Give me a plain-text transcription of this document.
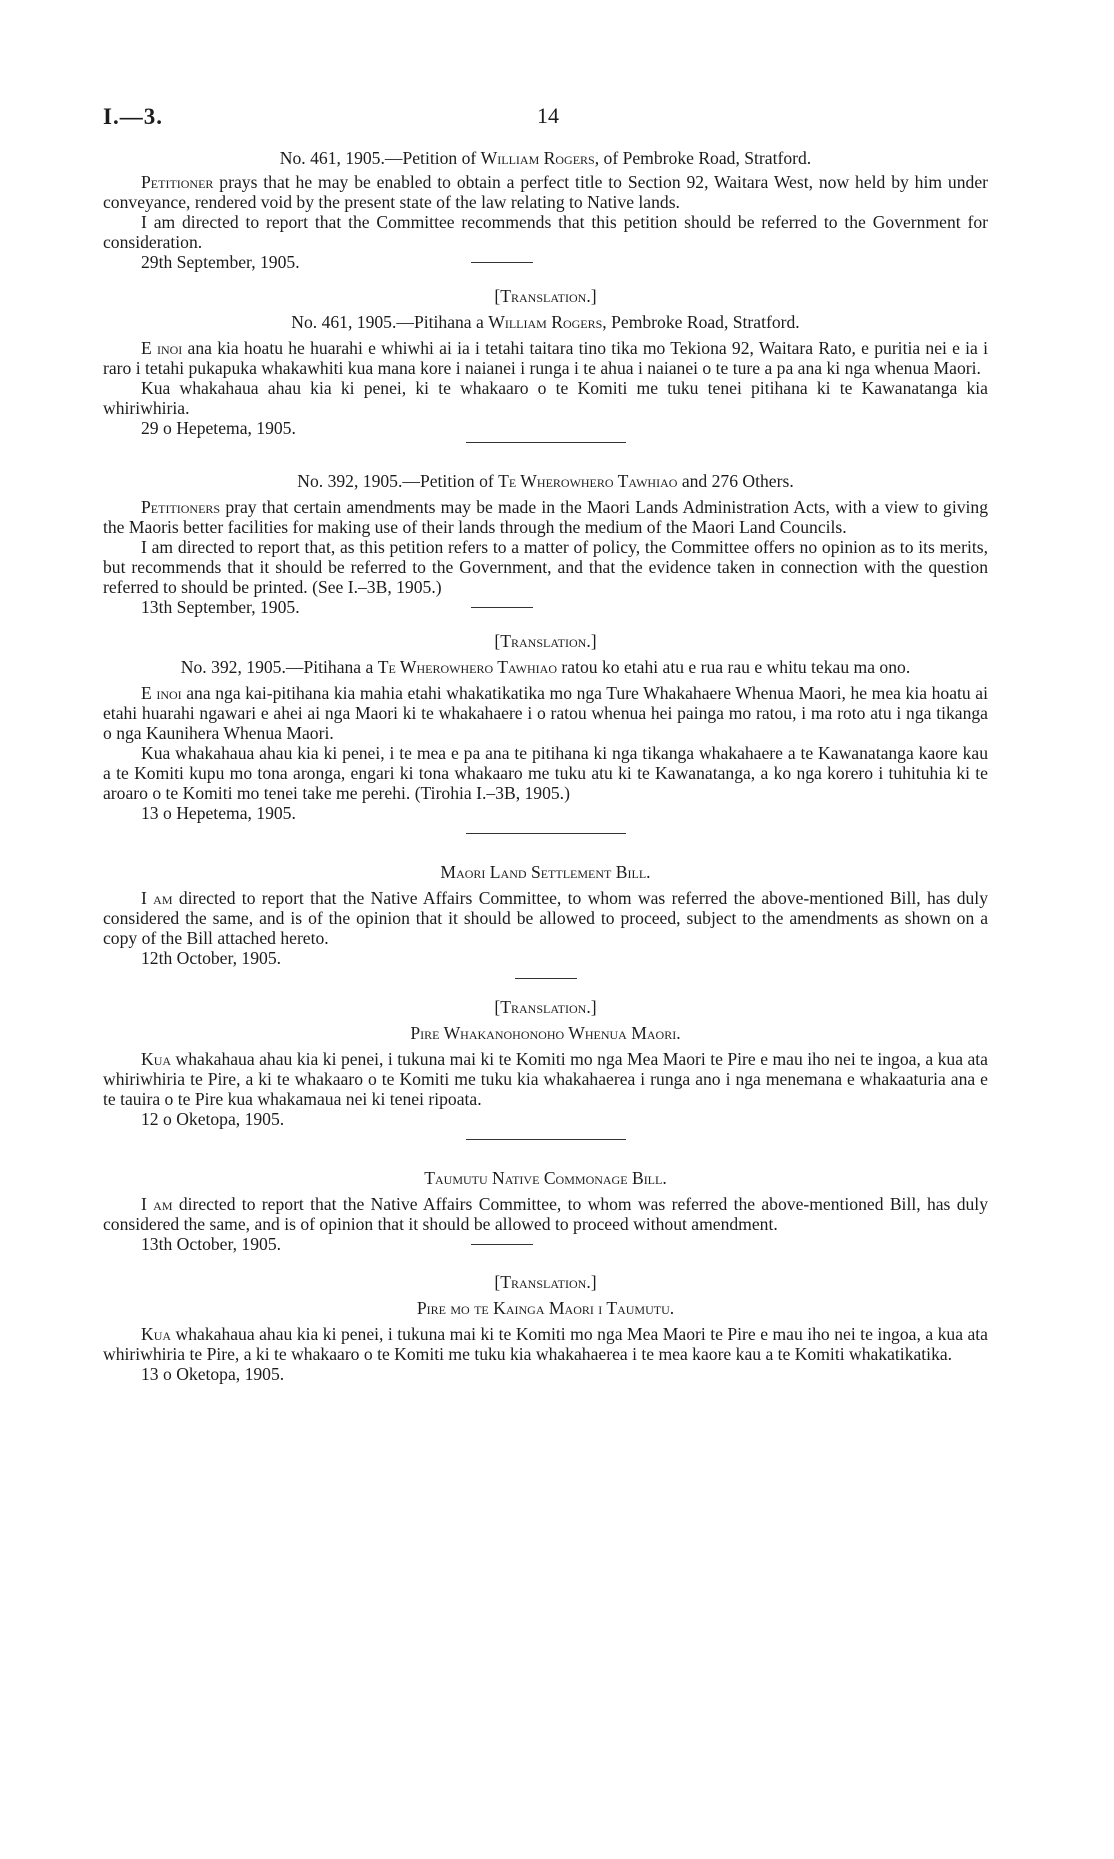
I.—3.	14

No. 461, 1905.—Petition of William Rogers, of Pembroke Road, Stratford.

Petitioner prays that he may be enabled to obtain a perfect title to Section 92, Waitara West, now held by him under conveyance, rendered void by the present state of the law relating to Native lands.

I am directed to report that the Committee recommends that this petition should be referred to the Government for consideration.

29th September, 1905.

[Translation.]

No. 461, 1905.—Pitihana a William Rogers, Pembroke Road, Stratford.

E inoi ana kia hoatu he huarahi e whiwhi ai ia i tetahi taitara tino tika mo Tekiona 92, Waitara Rato, e puritia nei e ia i raro i tetahi pukapuka whakawhiti kua mana kore i naianei i runga i te ahua i naianei o te ture a pa ana ki nga whenua Maori.

Kua whakahaua ahau kia ki penei, ki te whakaaro o te Komiti me tuku tenei pitihana ki te Kawanatanga kia whiriwhiria.

29 o Hepetema, 1905.

No. 392, 1905.—Petition of Te Wherowhero Tawhiao and 276 Others.

Petitioners pray that certain amendments may be made in the Maori Lands Administration Acts, with a view to giving the Maoris better facilities for making use of their lands through the medium of the Maori Land Councils.

I am directed to report that, as this petition refers to a matter of policy, the Committee offers no opinion as to its merits, but recommends that it should be referred to the Government, and that the evidence taken in connection with the question referred to should be printed. (See I.–3B, 1905.)

13th September, 1905.

[Translation.]

No. 392, 1905.—Pitihana a Te Wherowhero Tawhiao ratou ko etahi atu e rua rau e whitu tekau ma ono.

E inoi ana nga kai-pitihana kia mahia etahi whakatikatika mo nga Ture Whakahaere Whenua Maori, he mea kia hoatu ai etahi huarahi ngawari e ahei ai nga Maori ki te whakahaere i o ratou whenua hei painga mo ratou, i ma roto atu i nga tikanga o nga Kaunihera Whenua Maori.

Kua whakahaua ahau kia ki penei, i te mea e pa ana te pitihana ki nga tikanga whakahaere a te Kawanatanga kaore kau a te Komiti kupu mo tona aronga, engari ki tona whakaaro me tuku atu ki te Kawanatanga, a ko nga korero i tuhituhia ki te aroaro o te Komiti mo tenei take me perehi. (Tirohia I.–3B, 1905.)

13 o Hepetema, 1905.

Maori Land Settlement Bill.

I am directed to report that the Native Affairs Committee, to whom was referred the above-mentioned Bill, has duly considered the same, and is of the opinion that it should be allowed to proceed, subject to the amendments as shown on a copy of the Bill attached hereto.

12th October, 1905.

[Translation.]

Pire Whakanohonoho Whenua Maori.

Kua whakahaua ahau kia ki penei, i tukuna mai ki te Komiti mo nga Mea Maori te Pire e mau iho nei te ingoa, a kua ata whiriwhiria te Pire, a ki te whakaaro o te Komiti me tuku kia whakahaerea i runga ano i nga menemana e whakaaturia ana e te tauira o te Pire kua whakamaua nei ki tenei ripoata.

12 o Oketopa, 1905.

Taumutu Native Commonage Bill.

I am directed to report that the Native Affairs Committee, to whom was referred the above-mentioned Bill, has duly considered the same, and is of opinion that it should be allowed to proceed without amendment.

13th October, 1905.

[Translation.]

Pire mo te Kainga Maori i Taumutu.

Kua whakahaua ahau kia ki penei, i tukuna mai ki te Komiti mo nga Mea Maori te Pire e mau iho nei te ingoa, a kua ata whiriwhiria te Pire, a ki te whakaaro o te Komiti me tuku kia whakahaerea i te mea kaore kau a te Komiti whakatikatika.

13 o Oketopa, 1905.
